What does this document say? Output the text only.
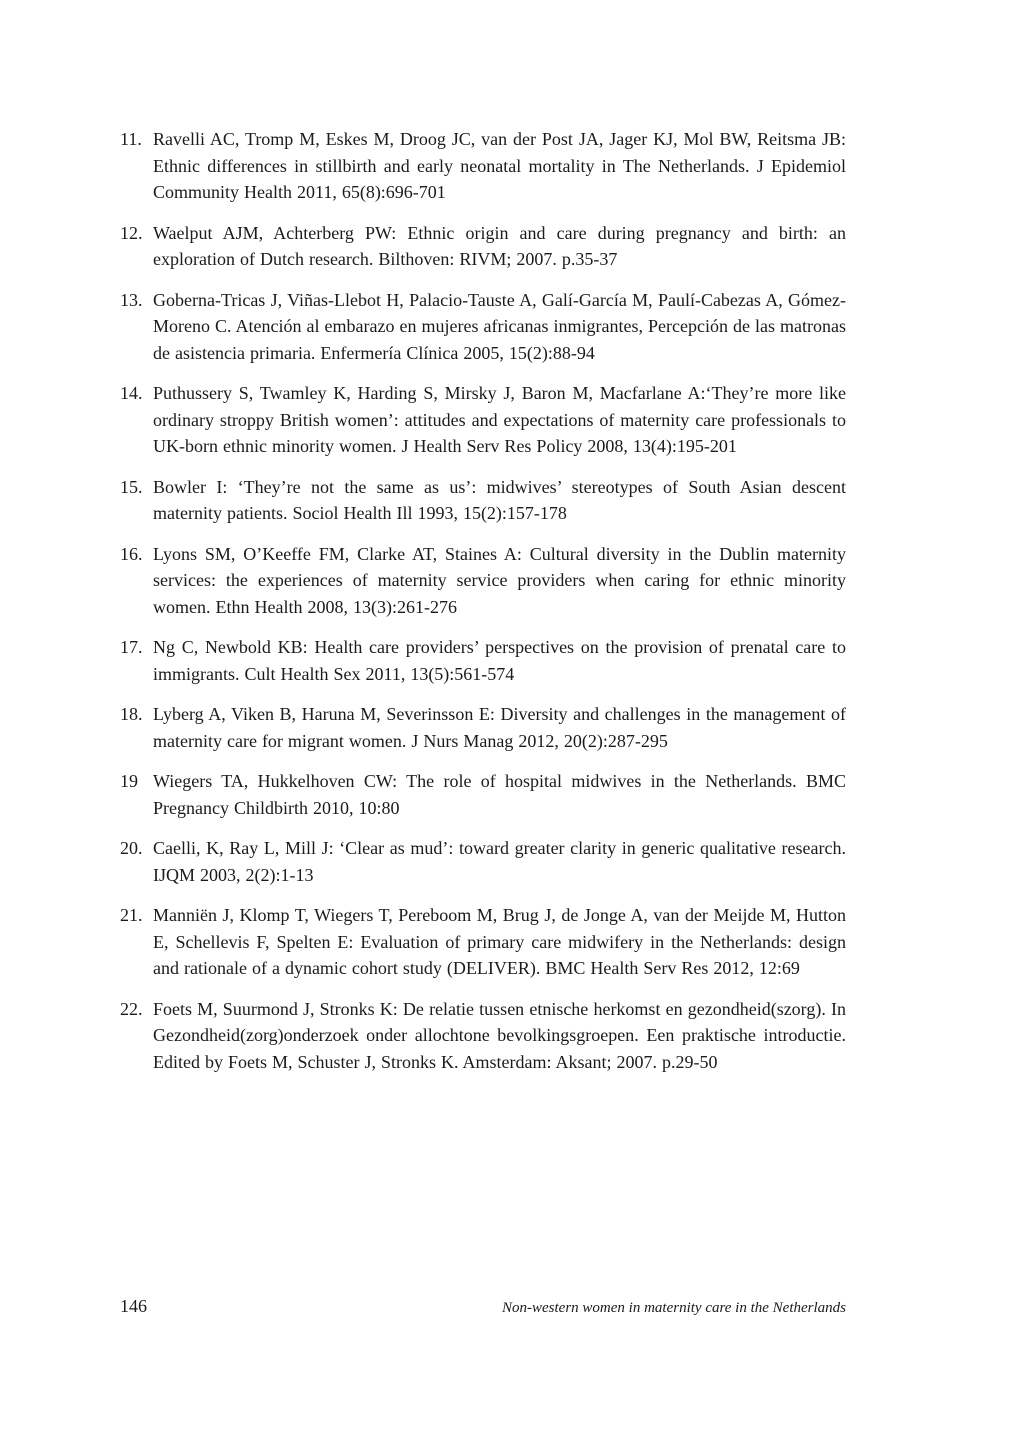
11. Ravelli AC, Tromp M, Eskes M, Droog JC, van der Post JA, Jager KJ, Mol BW, Reitsma JB: Ethnic differences in stillbirth and early neonatal mortality in The Netherlands. J Epidemiol Community Health 2011, 65(8):696-701
12. Waelput AJM, Achterberg PW: Ethnic origin and care during pregnancy and birth: an exploration of Dutch research. Bilthoven: RIVM; 2007. p.35-37
13. Goberna-Tricas J, Viñas-Llebot H, Palacio-Tauste A, Galí-García M, Paulí-Cabezas A, Gómez-Moreno C. Atención al embarazo en mujeres africanas inmigrantes, Percepción de las matronas de asistencia primaria. Enfermería Clínica 2005, 15(2):88-94
14. Puthussery S, Twamley K, Harding S, Mirsky J, Baron M, Macfarlane A:‘They’re more like ordinary stroppy British women’: attitudes and expectations of maternity care professionals to UK-born ethnic minority women. J Health Serv Res Policy 2008, 13(4):195-201
15. Bowler I: ‘They’re not the same as us’: midwives’ stereotypes of South Asian descent maternity patients. Sociol Health Ill 1993, 15(2):157-178
16. Lyons SM, O’Keeffe FM, Clarke AT, Staines A: Cultural diversity in the Dublin maternity services: the experiences of maternity service providers when caring for ethnic minority women. Ethn Health 2008, 13(3):261-276
17. Ng C, Newbold KB: Health care providers’ perspectives on the provision of prenatal care to immigrants. Cult Health Sex 2011, 13(5):561-574
18. Lyberg A, Viken B, Haruna M, Severinsson E: Diversity and challenges in the management of maternity care for migrant women. J Nurs Manag 2012, 20(2):287-295
19 Wiegers TA, Hukkelhoven CW: The role of hospital midwives in the Netherlands. BMC Pregnancy Childbirth 2010, 10:80
20. Caelli, K, Ray L, Mill J: ‘Clear as mud’: toward greater clarity in generic qualitative research. IJQM 2003, 2(2):1-13
21. Manniën J, Klomp T, Wiegers T, Pereboom M, Brug J, de Jonge A, van der Meijde M, Hutton E, Schellevis F, Spelten E: Evaluation of primary care midwifery in the Netherlands: design and rationale of a dynamic cohort study (DELIVER). BMC Health Serv Res 2012, 12:69
22. Foets M, Suurmond J, Stronks K: De relatie tussen etnische herkomst en gezondheid(szorg). In Gezondheid(zorg)onderzoek onder allochtone bevolkingsgroepen. Een praktische introductie. Edited by Foets M, Schuster J, Stronks K. Amsterdam: Aksant; 2007. p.29-50
146	Non-western women in maternity care in the Netherlands
